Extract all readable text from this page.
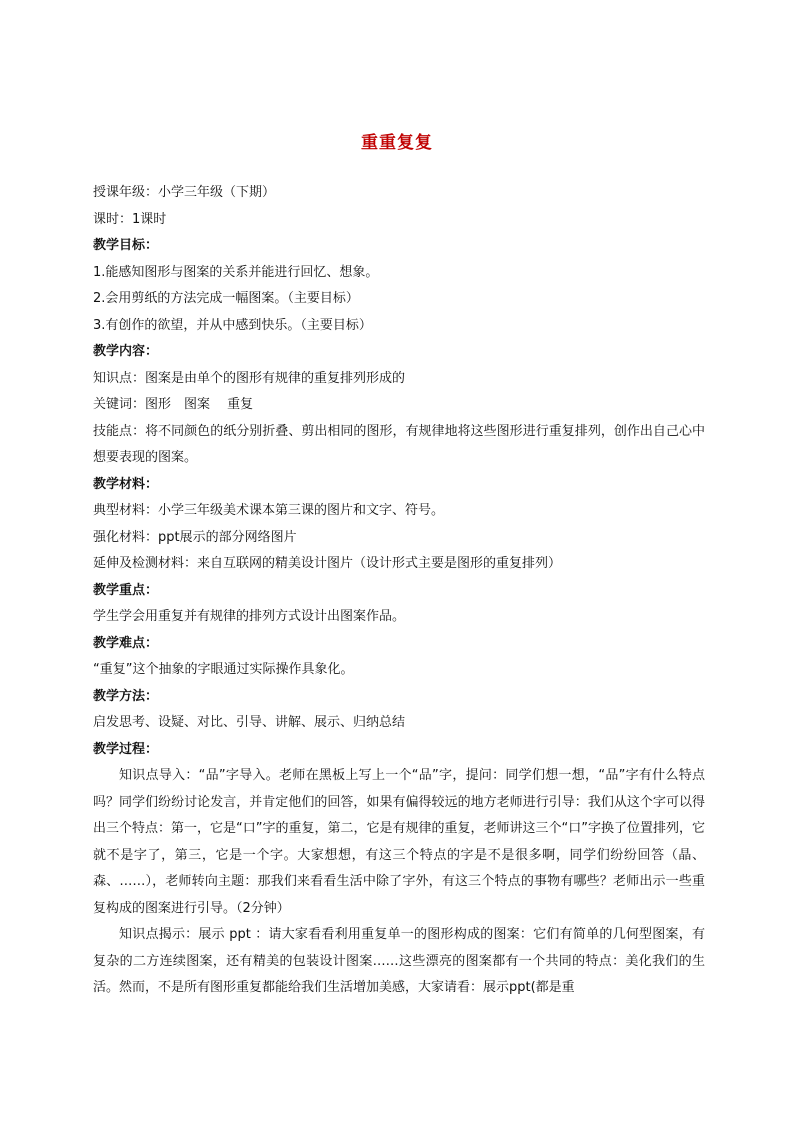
重重复复
授课年级：小学三年级（下期）
课时：1课时
教学目标：
1.能感知图形与图案的关系并能进行回忆、想象。
2.会用剪纸的方法完成一幅图案。（主要目标）
3.有创作的欲望，并从中感到快乐。（主要目标）
教学内容：
知识点：图案是由单个的图形有规律的重复排列形成的
关键词：图形　图案　 重复
技能点：将不同颜色的纸分别折叠、剪出相同的图形，有规律地将这些图形进行重复排列，创作出自己心中想要表现的图案。
教学材料：
典型材料：小学三年级美术课本第三课的图片和文字、符号。
强化材料：ppt展示的部分网络图片
延伸及检测材料：来自互联网的精美设计图片（设计形式主要是图形的重复排列）
教学重点：
学生学会用重复并有规律的排列方式设计出图案作品。
教学难点：
“重复”这个抽象的字眼通过实际操作具象化。
教学方法：
启发思考、设疑、对比、引导、讲解、展示、归纳总结
教学过程：
知识点导入：“品”字导入。老师在黑板上写上一个“品”字，提问：同学们想一想，“品”字有什么特点吗？同学们纷纷讨论发言，并肯定他们的回答，如果有偏得较远的地方老师进行引导：我们从这个字可以得出三个特点：第一，它是“口”字的重复，第二，它是有规律的重复，老师讲这三个“口”字换了位置排列，它就不是字了，第三，它是一个字。大家想想，有这三个特点的字是不是很多啊，同学们纷纷回答（晶、森、……），老师转向主题：那我们来看看生活中除了字外，有这三个特点的事物有哪些？老师出示一些重复构成的图案进行引导。（2分钟）
知识点揭示：展示 ppt ：请大家看看利用重复单一的图形构成的图案：它们有简单的几何型图案，有复杂的二方连续图案，还有精美的包装设计图案……这些漂亮的图案都有一个共同的特点：美化我们的生活。然而，不是所有图形重复都能给我们生活增加美感，大家请看：展示ppt(都是重
